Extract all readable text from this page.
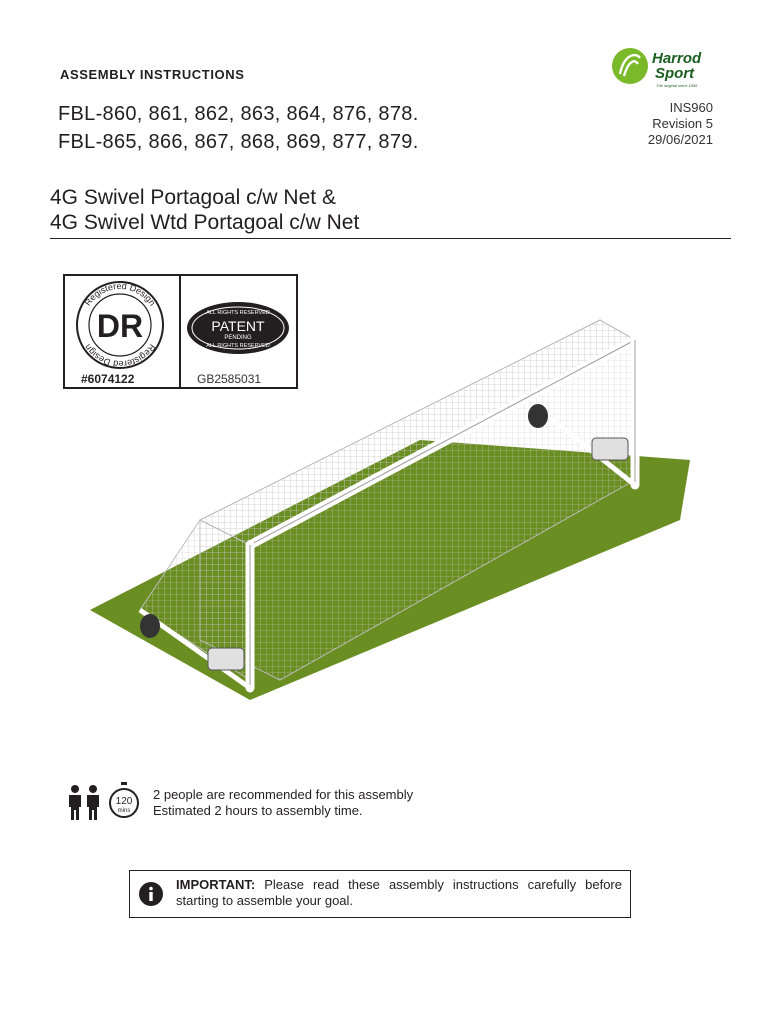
ASSEMBLY INSTRUCTIONS
FBL-860, 861, 862, 863, 864, 876, 878.
FBL-865, 866, 867, 868, 869, 877, 879.
INS960
Revision 5
29/06/2021
Harrod
Sport
The original since 1956
4G Swivel Portagoal c/w Net &
4G Swivel Wtd Portagoal c/w Net
Registered Design
Registered Design
DR
#6074122
ALL RIGHTS RESERVED
PATENT
PENDING
ALL RIGHTS RESERVED
GB2585031
120
mins
2 people are recommended for this assembly
Estimated 2 hours to assembly time.
IMPORTANT: Please read these assembly instructions carefully before starting to assemble your goal.
